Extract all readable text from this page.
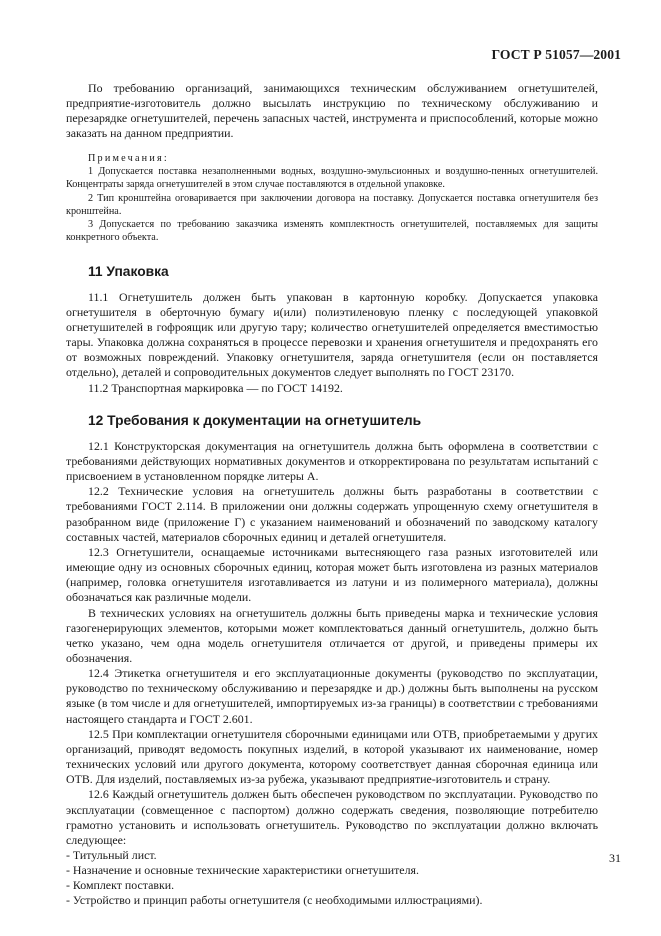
ГОСТ Р 51057—2001

По требованию организаций, занимающихся техническим обслуживанием огнетушителей, предприятие-изготовитель должно высылать инструкцию по техническому обслуживанию и перезарядке огнетушителей, перечень запасных частей, инструмента и приспособлений, которые можно заказать на данном предприятии.

Примечания:

1 Допускается поставка незаполненными водных, воздушно-эмульсионных и воздушно-пенных огнетушителей. Концентраты заряда огнетушителей в этом случае поставляются в отдельной упаковке.

2 Тип кронштейна оговаривается при заключении договора на поставку. Допускается поставка огнетушителя без кронштейна.

3 Допускается по требованию заказчика изменять комплектность огнетушителей, поставляемых для защиты конкретного объекта.

11 Упаковка

11.1 Огнетушитель должен быть упакован в картонную коробку. Допускается упаковка огнетушителя в оберточную бумагу и(или) полиэтиленовую пленку с последующей упаковкой огнетушителей в гофроящик или другую тару; количество огнетушителей определяется вместимостью тары. Упаковка должна сохраняться в процессе перевозки и хранения огнетушителя и предохранять его от возможных повреждений. Упаковку огнетушителя, заряда огнетушителя (если он поставляется отдельно), деталей и сопроводительных документов следует выполнять по ГОСТ 23170.

11.2 Транспортная маркировка — по ГОСТ 14192.

12 Требования к документации на огнетушитель

12.1 Конструкторская документация на огнетушитель должна быть оформлена в соответствии с требованиями действующих нормативных документов и откорректирована по результатам испытаний с присвоением в установленном порядке литеры А.

12.2 Технические условия на огнетушитель должны быть разработаны в соответствии с требованиями ГОСТ 2.114. В приложении они должны содержать упрощенную схему огнетушителя в разобранном виде (приложение Г) с указанием наименований и обозначений по заводскому каталогу составных частей, материалов сборочных единиц и деталей огнетушителя.

12.3 Огнетушители, оснащаемые источниками вытесняющего газа разных изготовителей или имеющие одну из основных сборочных единиц, которая может быть изготовлена из разных материалов (например, головка огнетушителя изготавливается из латуни и из полимерного материала), должны обозначаться как различные модели.

В технических условиях на огнетушитель должны быть приведены марка и технические условия газогенерирующих элементов, которыми может комплектоваться данный огнетушитель, должно быть четко указано, чем одна модель огнетушителя отличается от другой, и приведены примеры их обозначения.

12.4 Этикетка огнетушителя и его эксплуатационные документы (руководство по эксплуатации, руководство по техническому обслуживанию и перезарядке и др.) должны быть выполнены на русском языке (в том числе и для огнетушителей, импортируемых из-за границы) в соответствии с требованиями настоящего стандарта и ГОСТ 2.601.

12.5 При комплектации огнетушителя сборочными единицами или ОТВ, приобретаемыми у других организаций, приводят ведомость покупных изделий, в которой указывают их наименование, номер технических условий или другого документа, которому соответствует данная сборочная единица или ОТВ. Для изделий, поставляемых из-за рубежа, указывают предприятие-изготовитель и страну.

12.6 Каждый огнетушитель должен быть обеспечен руководством по эксплуатации. Руководство по эксплуатации (совмещенное с паспортом) должно содержать сведения, позволяющие потребителю грамотно установить и использовать огнетушитель. Руководство по эксплуатации должно включать следующее:

- Титульный лист.

- Назначение и основные технические характеристики огнетушителя.

- Комплект поставки.

- Устройство и принцип работы огнетушителя (с необходимыми иллюстрациями).

31
